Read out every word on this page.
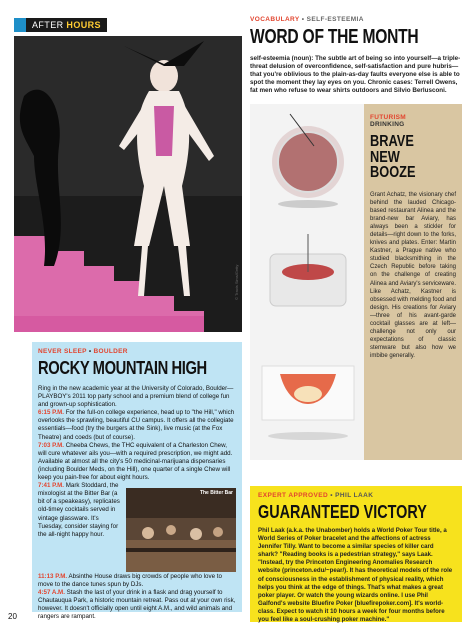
AFTER HOURS
© Travis Sims/Getty
NEVER SLEEP • BOULDER
ROCKY MOUNTAIN HIGH

Ring in the new academic year at the University of Colorado, Boulder—PLAYBOY's 2011 top party school and a premium blend of college fun and grown-up sophistication.

6:15 P.M. For the full-on college experience, head up to "the Hill," which overlooks the sprawling, beautiful CU campus. It offers all the collegiate essentials—food (try the burgers at the Sink), live music (at the Fox Theatre) and coeds (but of course).

7:03 P.M. Cheeba Chews, the THC equivalent of a Charleston Chew, will cure whatever ails you—with a required prescription, we might add. Available at almost all the city's 50 medicinal-marijuana dispensaries (including Boulder Meds, on the Hill), one quarter of a single Chew will keep you pain-free for about eight hours.

7:41 P.M. Mark Stoddard, the mixologist at the Bitter Bar (a bit of a speakeasy), replicates old-timey cocktails served in vintage glassware. It's Tuesday, consider staying for the all-night happy hour.

The Bitter Bar

11:13 P.M. Absinthe House draws big crowds of people who love to move to the dance tunes spun by DJs.

4:57 A.M. Stash the last of your drink in a flask and drag yourself to Chautauqua Park, a historic mountain retreat. Pass out at your own risk, however. It doesn't officially open until eight A.M., and wild animals and rangers are rampant.

20
VOCABULARY • SELF-ESTEEMIA
WORD OF THE MONTH

self-esteemia (noun): The subtle art of being so into yourself—a triple-threat delusion of overconfidence, self-satisfaction and pure hubris—that you're oblivious to the plain-as-day faults everyone else is able to spot the moment they lay eyes on you. Chronic cases: Terrell Owens, fat men who refuse to wear shirts outdoors and Silvio Berlusconi.

FUTURISM
DRINKING
BRAVE
NEW
BOOZE

Grant Achatz, the visionary chef behind the lauded Chicago-based restaurant Alinea and the brand-new bar Aviary, has always been a stickler for details—right down to the forks, knives and plates. Enter: Martin Kastner, a Prague native who studied blacksmithing in the Czech Republic before taking on the challenge of creating Alinea and Aviary's serviceware. Like Achatz, Kastner is obsessed with melding food and design. His creations for Aviary—three of his avant-garde cocktail glasses are at left—challenge not only our expectations of classic stemware but also how we imbibe generally.

EXPERT APPROVED • PHIL LAAK
GUARANTEED VICTORY

Phil Laak (a.k.a. the Unabomber) holds a World Poker Tour title, a World Series of Poker bracelet and the affections of actress Jennifer Tilly. Want to become a similar species of killer card shark? "Reading books is a pedestrian strategy," says Laak. "Instead, try the Princeton Engineering Anomalies Research website (princeton.edu/~pear/). It has theoretical models of the role of consciousness in the establishment of physical reality, which helps you think at the edge of things. That's what makes a great poker player. Or watch the young wizards online. I use Phil Galfond's website Bluefire Poker [bluefirepoker.com]. It's world-class. Expect to watch it 10 hours a week for four months before you feel like a soul-crushing poker machine."
